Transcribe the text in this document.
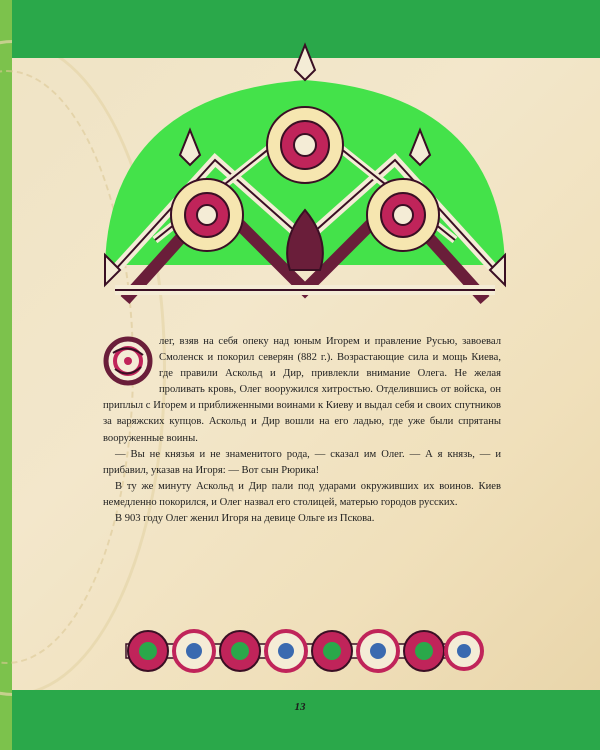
лег, взяв на себя опеку над юным Игорем и правление Русью, завоевал Смоленск и покорил северян (882 г.). Возрастающие сила и мощь Киева, где правили Аскольд и Дир, привлекли внимание Олега. Не желая проливать кровь, Олег вооружился хитростью. Отделившись от войска, он приплыл с Игорем и приближенными воинами к Киеву и выдал себя и своих спутников за варяжских купцов. Аскольд и Дир вошли на его ладью, где уже были спрятаны вооруженные воины.

— Вы не князья и не знаменитого рода, — сказал им Олег. — А я князь, — и прибавил, указав на Игоря: — Вот сын Рюрика!

В ту же минуту Аскольд и Дир пали под ударами окруживших их воинов. Киев немедленно покорился, и Олег назвал его столицей, матерью городов русских.

В 903 году Олег женил Игоря на девице Ольге из Пскова.

13
